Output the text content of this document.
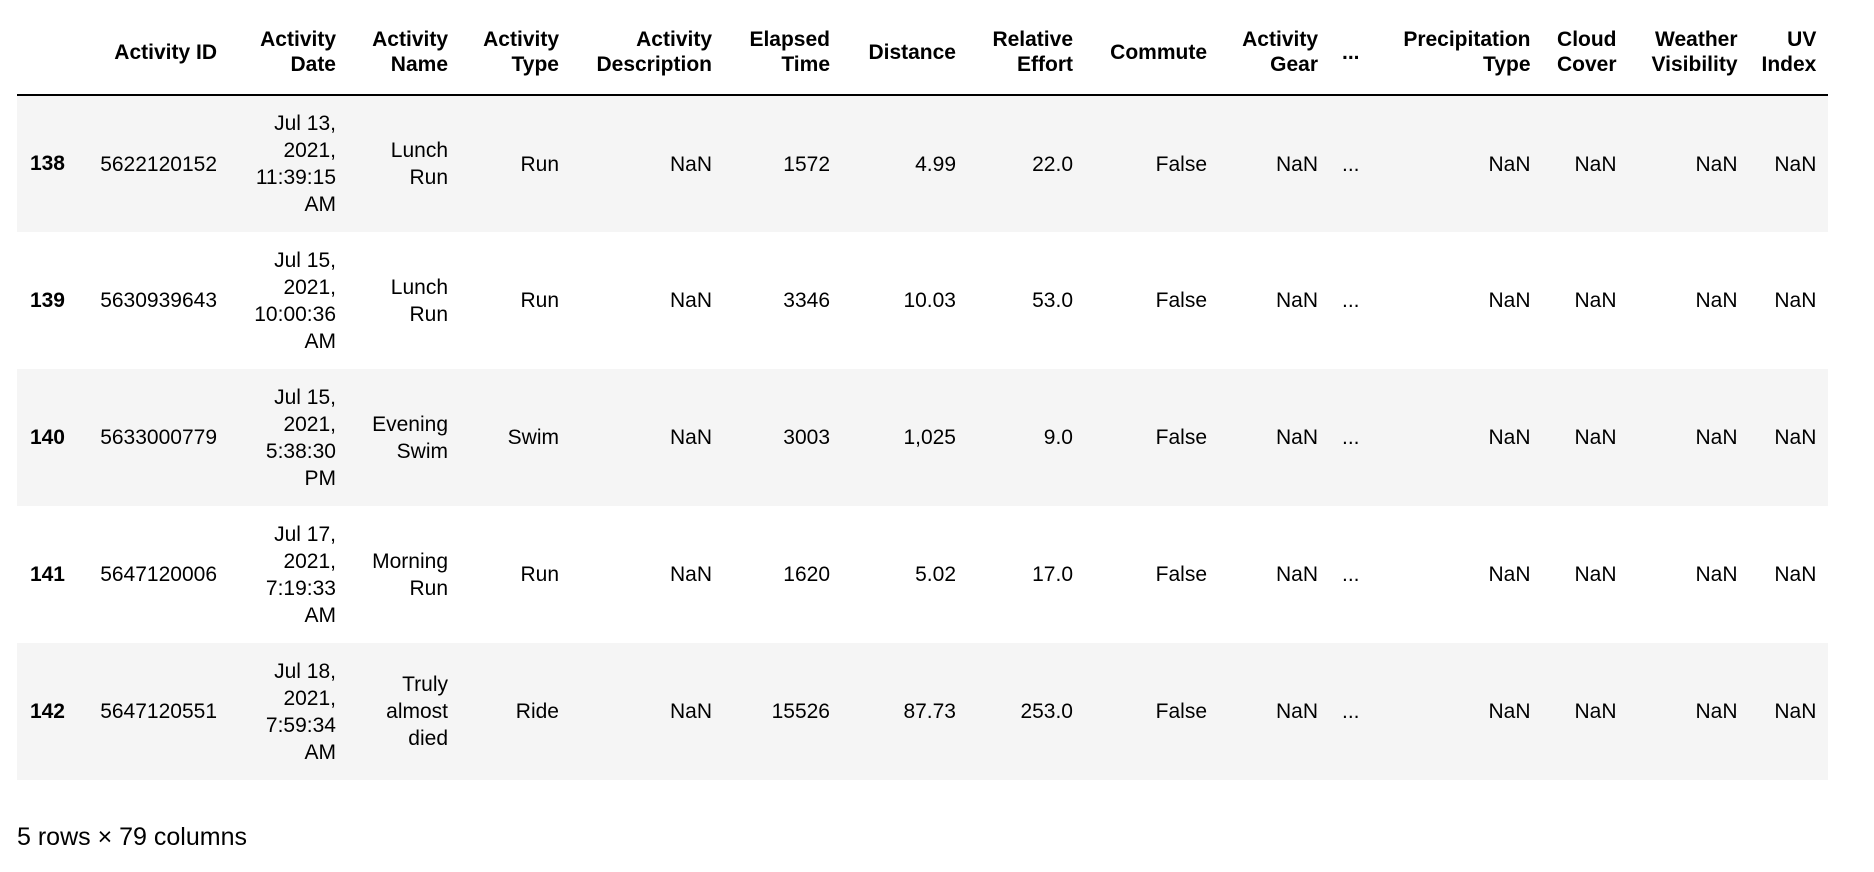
	Activity ID	Activity Date	Activity Name	Activity Type	Activity Description	Elapsed Time	Distance	Relative Effort	Commute	Activity Gear	...	Precipitation Type	Cloud Cover	Weather Visibility	UV Index
138	5622120152	Jul 13, 2021, 11:39:15 AM	Lunch Run	Run	NaN	1572	4.99	22.0	False	NaN	...	NaN	NaN	NaN	NaN
139	5630939643	Jul 15, 2021, 10:00:36 AM	Lunch Run	Run	NaN	3346	10.03	53.0	False	NaN	...	NaN	NaN	NaN	NaN
140	5633000779	Jul 15, 2021, 5:38:30 PM	Evening Swim	Swim	NaN	3003	1,025	9.0	False	NaN	...	NaN	NaN	NaN	NaN
141	5647120006	Jul 17, 2021, 7:19:33 AM	Morning Run	Run	NaN	1620	5.02	17.0	False	NaN	...	NaN	NaN	NaN	NaN
142	5647120551	Jul 18, 2021, 7:59:34 AM	Truly almost died	Ride	NaN	15526	87.73	253.0	False	NaN	...	NaN	NaN	NaN	NaN
5 rows × 79 columns
